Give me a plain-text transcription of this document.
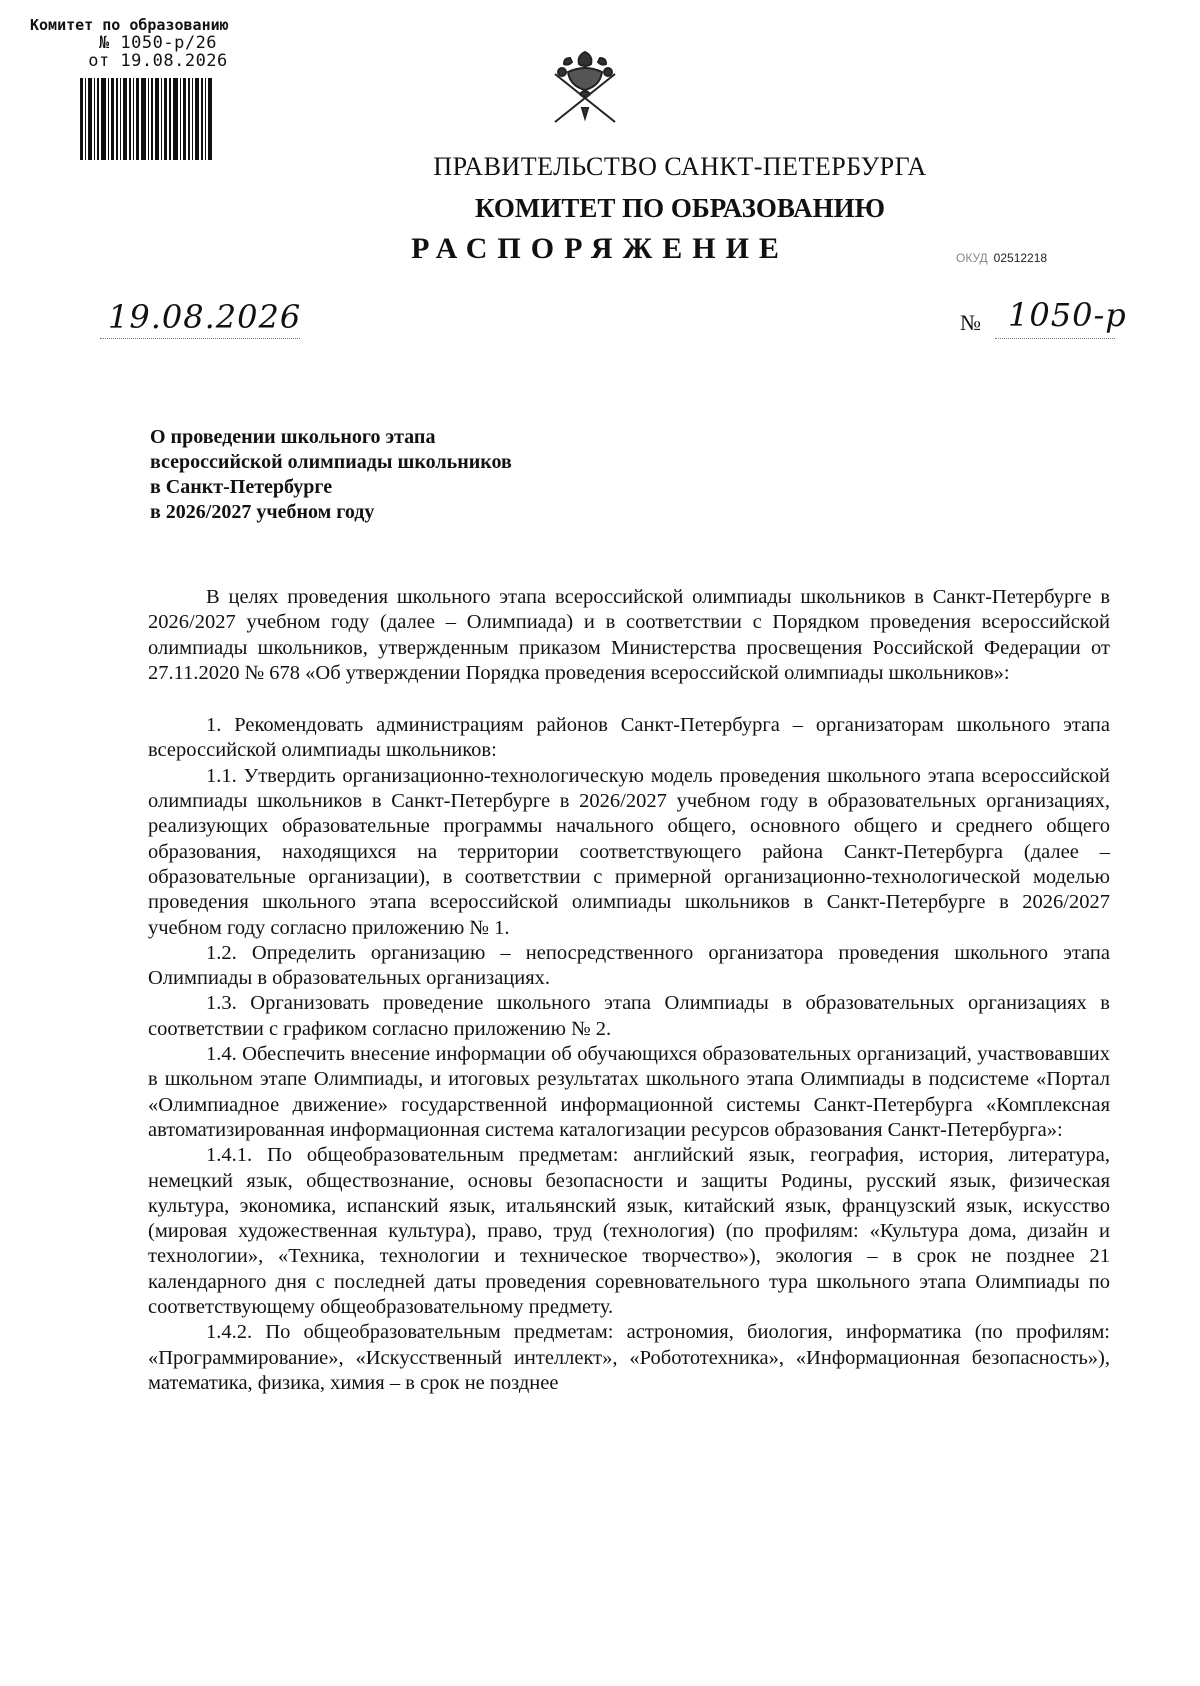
Комитет по образованию
№ 1050-р/26
от 19.08.2026
ПРАВИТЕЛЬСТВО САНКТ-ПЕТЕРБУРГА
КОМИТЕТ ПО ОБРАЗОВАНИЮ
РАСПОРЯЖЕНИЕ	ОКУД 02512218
19.08.2026	№ 1050-р
О проведении школьного этапа
всероссийской олимпиады школьников
в Санкт-Петербурге
в 2026/2027 учебном году

В целях проведения школьного этапа всероссийской олимпиады школьников в Санкт-Петербурге в 2026/2027 учебном году (далее – Олимпиада) и в соответствии с Порядком проведения всероссийской олимпиады школьников, утвержденным приказом Министерства просвещения Российской Федерации от 27.11.2020 № 678 «Об утверждении Порядка проведения всероссийской олимпиады школьников»:

1. Рекомендовать администрациям районов Санкт-Петербурга – организаторам школьного этапа всероссийской олимпиады школьников:

1.1. Утвердить организационно-технологическую модель проведения школьного этапа всероссийской олимпиады школьников в Санкт-Петербурге в 2026/2027 учебном году в образовательных организациях, реализующих образовательные программы начального общего, основного общего и среднего общего образования, находящихся на территории соответствующего района Санкт-Петербурга (далее – образовательные организации), в соответствии с примерной организационно-технологической моделью проведения школьного этапа всероссийской олимпиады школьников в Санкт-Петербурге в 2026/2027 учебном году согласно приложению № 1.

1.2. Определить организацию – непосредственного организатора проведения школьного этапа Олимпиады в образовательных организациях.

1.3. Организовать проведение школьного этапа Олимпиады в образовательных организациях в соответствии с графиком согласно приложению № 2.

1.4. Обеспечить внесение информации об обучающихся образовательных организаций, участвовавших в школьном этапе Олимпиады, и итоговых результатах школьного этапа Олимпиады в подсистеме «Портал «Олимпиадное движение» государственной информационной системы Санкт-Петербурга «Комплексная автоматизированная информационная система каталогизации ресурсов образования Санкт-Петербурга»:

1.4.1. По общеобразовательным предметам: английский язык, география, история, литература, немецкий язык, обществознание, основы безопасности и защиты Родины, русский язык, физическая культура, экономика, испанский язык, итальянский язык, китайский язык, французский язык, искусство (мировая художественная культура), право, труд (технология) (по профилям: «Культура дома, дизайн и технологии», «Техника, технологии и техническое творчество»), экология – в срок не позднее 21 календарного дня с последней даты проведения соревновательного тура школьного этапа Олимпиады по соответствующему общеобразовательному предмету.

1.4.2. По общеобразовательным предметам: астрономия, биология, информатика (по профилям: «Программирование», «Искусственный интеллект», «Робототехника», «Информационная безопасность»), математика, физика, химия – в срок не позднее
